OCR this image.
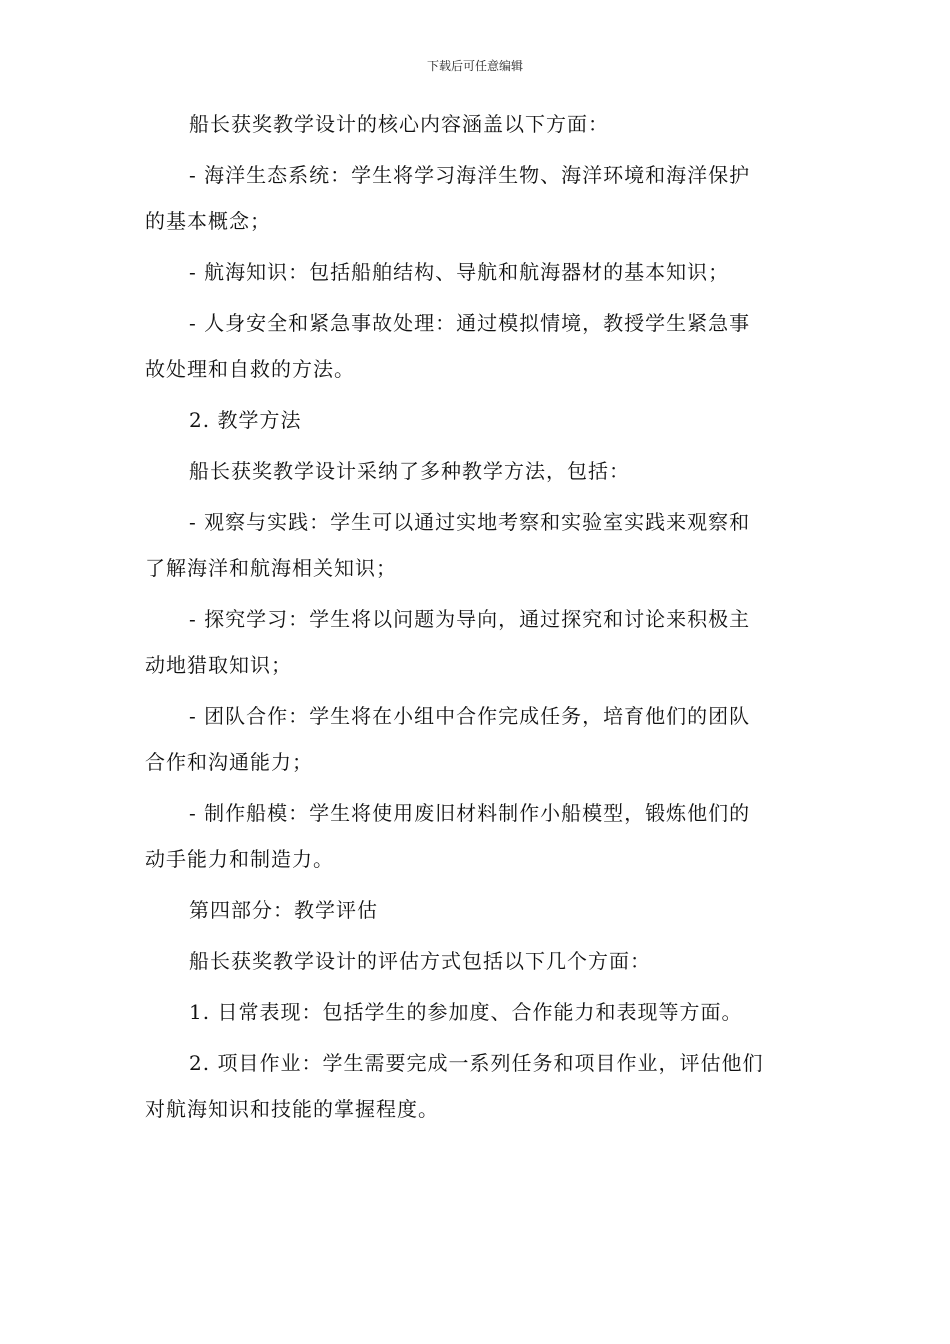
下载后可任意编辑

船长获奖教学设计的核心内容涵盖以下方面：

- 海洋生态系统：学生将学习海洋生物、海洋环境和海洋保护

的基本概念；

- 航海知识：包括船舶结构、导航和航海器材的基本知识；

- 人身安全和紧急事故处理：通过模拟情境，教授学生紧急事

故处理和自救的方法。

2. 教学方法

船长获奖教学设计采纳了多种教学方法，包括：

- 观察与实践：学生可以通过实地考察和实验室实践来观察和

了解海洋和航海相关知识；

- 探究学习：学生将以问题为导向，通过探究和讨论来积极主

动地猎取知识；

- 团队合作：学生将在小组中合作完成任务，培育他们的团队

合作和沟通能力；

- 制作船模：学生将使用废旧材料制作小船模型，锻炼他们的

动手能力和制造力。

第四部分：教学评估

船长获奖教学设计的评估方式包括以下几个方面：

1. 日常表现：包括学生的参加度、合作能力和表现等方面。

2. 项目作业：学生需要完成一系列任务和项目作业，评估他们

对航海知识和技能的掌握程度。
